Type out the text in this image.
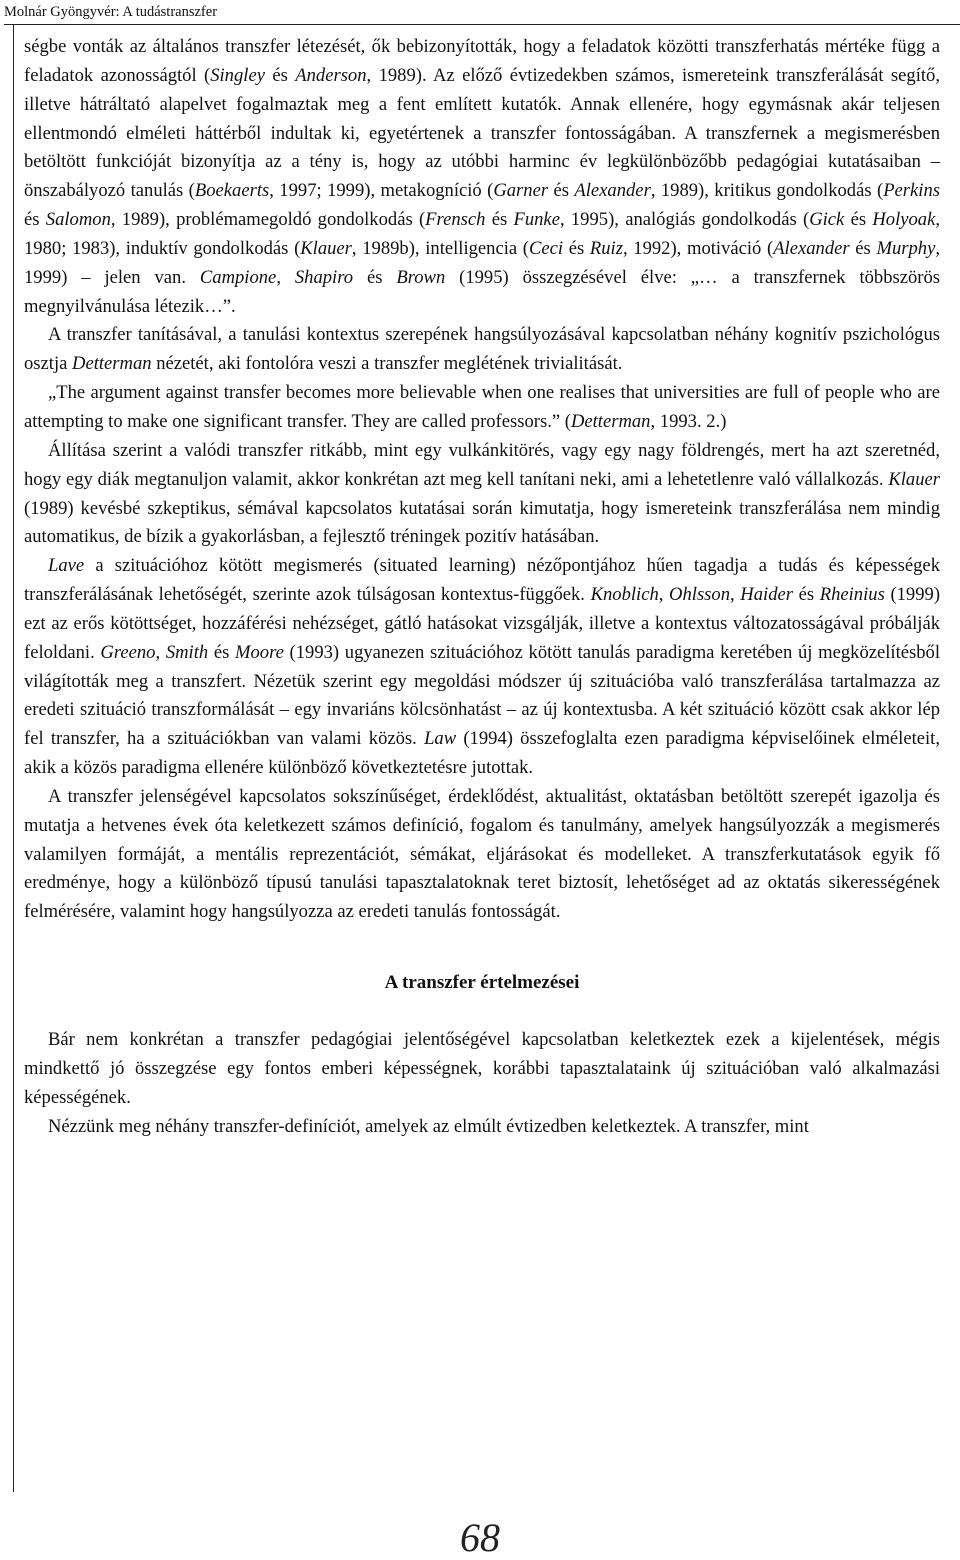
Molnár Gyöngyvér: A tudástranszfer

ségbe vonták az általános transzfer létezését, ők bebizonyították, hogy a feladatok közötti transzferhatás mértéke függ a feladatok azonosságtól (Singley és Anderson, 1989). Az előző évtizedekben számos, ismereteink transzferálását segítő, illetve hátráltató alapelvet fogalmaztak meg a fent említett kutatók. Annak ellenére, hogy egymásnak akár teljesen ellentmondó elméleti háttérből indultak ki, egyetértenek a transzfer fontosságában. A transzfernek a megismerésben betöltött funkcióját bizonyítja az a tény is, hogy az utóbbi harminc év legkülönbözőbb pedagógiai kutatásaiban – önszabályozó tanulás (Boekaerts, 1997; 1999), metakogníció (Garner és Alexander, 1989), kritikus gondolkodás (Perkins és Salomon, 1989), problémamegoldó gondolkodás (Frensch és Funke, 1995), analógiás gondolkodás (Gick és Holyoak, 1980; 1983), induktív gondolkodás (Klauer, 1989b), intelligencia (Ceci és Ruiz, 1992), motiváció (Alexander és Murphy, 1999) – jelen van. Campione, Shapiro és Brown (1995) összegzésével élve: „… a transzfernek többszörös megnyilvánulása létezik…”.

A transzfer tanításával, a tanulási kontextus szerepének hangsúlyozásával kapcsolatban néhány kognitív pszichológus osztja Detterman nézetét, aki fontolóra veszi a transzfer meglétének trivialitását.

„The argument against transfer becomes more believable when one realises that universities are full of people who are attempting to make one significant transfer. They are called professors.” (Detterman, 1993. 2.)

Állítása szerint a valódi transzfer ritkább, mint egy vulkánkitörés, vagy egy nagy földrengés, mert ha azt szeretnéd, hogy egy diák megtanuljon valamit, akkor konkrétan azt meg kell tanítani neki, ami a lehetetlenre való vállalkozás. Klauer (1989) kevésbé szkeptikus, sémával kapcsolatos kutatásai során kimutatja, hogy ismereteink transzferálása nem mindig automatikus, de bízik a gyakorlásban, a fejlesztő tréningek pozitív hatásában.

Lave a szituációhoz kötött megismerés (situated learning) nézőpontjához hűen tagadja a tudás és képességek transzferálásának lehetőségét, szerinte azok túlságosan kontextus-függőek. Knoblich, Ohlsson, Haider és Rheinius (1999) ezt az erős kötöttséget, hozzáférési nehézséget, gátló hatásokat vizsgálják, illetve a kontextus változatosságával próbálják feloldani. Greeno, Smith és Moore (1993) ugyanezen szituációhoz kötött tanulás paradigma keretében új megközelítésből világították meg a transzfert. Nézetük szerint egy megoldási módszer új szituációba való transzferálása tartalmazza az eredeti szituáció transzformálását – egy invariáns kölcsönhatást – az új kontextusba. A két szituáció között csak akkor lép fel transzfer, ha a szituációkban van valami közös. Law (1994) összefoglalta ezen paradigma képviselőinek elméleteit, akik a közös paradigma ellenére különböző következtetésre jutottak.

A transzfer jelenségével kapcsolatos sokszínűséget, érdeklődést, aktualitást, oktatásban betöltött szerepét igazolja és mutatja a hetvenes évek óta keletkezett számos definíció, fogalom és tanulmány, amelyek hangsúlyozzák a megismerés valamilyen formáját, a mentális reprezentációt, sémákat, eljárásokat és modelleket. A transzferkutatások egyik fő eredménye, hogy a különböző típusú tanulási tapasztalatoknak teret biztosít, lehetőséget ad az oktatás sikerességének felmérésére, valamint hogy hangsúlyozza az eredeti tanulás fontosságát.

A transzfer értelmezései

Bár nem konkrétan a transzfer pedagógiai jelentőségével kapcsolatban keletkeztek ezek a kijelentések, mégis mindkettő jó összegzése egy fontos emberi képességnek, korábbi tapasztalataink új szituációban való alkalmazási képességének.

Nézzünk meg néhány transzfer-definíciót, amelyek az elmúlt évtizedben keletkeztek. A transzfer, mint

68
